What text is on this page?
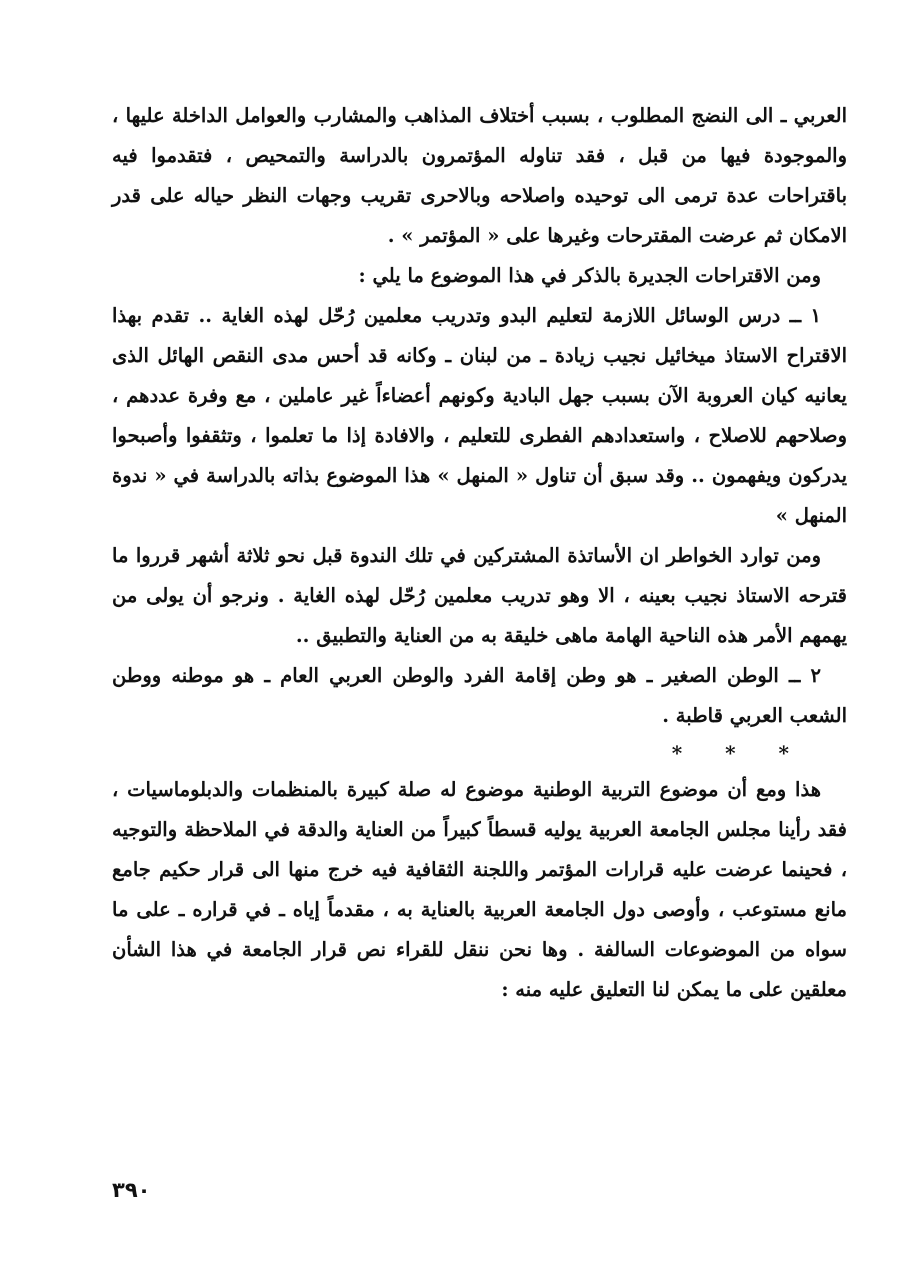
العربي ـ الى النضج المطلوب ، بسبب أختلاف المذاهب والمشارب والعوامل الداخلة عليها ، والموجودة فيها من قبل ، فقد تناوله المؤتمرون بالدراسة والتمحيص ، فتقدموا فيه باقتراحات عدة ترمى الى توحيده واصلاحه وبالاحرى تقريب وجهات النظر حياله على قدر الامكان ثم عرضت المقترحات وغيرها على « المؤتمر » .

ومن الاقتراحات الجديرة بالذكر في هذا الموضوع ما يلي :

١ ــ درس الوسائل اللازمة لتعليم البدو وتدريب معلمين رُحّل لهذه الغاية .. تقدم بهذا الاقتراح الاستاذ ميخائيل نجيب زيادة ـ من لبنان ـ وكانه قد أحس مدى النقص الهائل الذى يعانيه كيان العروبة الآن بسبب جهل البادية وكونهم أعضاءاً غير عاملين ، مع وفرة عددهم ، وصلاحهم للاصلاح ، واستعدادهم الفطرى للتعليم ، والافادة إذا ما تعلموا ، وتثقفوا وأصبحوا يدركون ويفهمون .. وقد سبق أن تناول « المنهل » هذا الموضوع بذاته بالدراسة في « ندوة المنهل »

ومن توارد الخواطر ان الأساتذة المشتركين في تلك الندوة قبل نحو ثلاثة أشهر قرروا ما قترحه الاستاذ نجيب بعينه ، الا وهو تدريب معلمين رُحّل لهذه الغاية . ونرجو أن يولى من يهمهم الأمر هذه الناحية الهامة ماهى خليقة به من العناية والتطبيق ..

٢ ــ الوطن الصغير ـ هو وطن إقامة الفرد والوطن العربي العام ـ هو موطنه ووطن الشعب العربي قاطبة .

* * *

هذا ومع أن موضوع التربية الوطنية موضوع له صلة كبيرة بالمنظمات والدبلوماسيات ، فقد رأينا مجلس الجامعة العربية يوليه قسطاً كبيراً من العناية والدقة في الملاحظة والتوجيه ، فحينما عرضت عليه قرارات المؤتمر واللجنة الثقافية فيه خرج منها الى قرار حكيم جامع مانع مستوعب ، وأوصى دول الجامعة العربية بالعناية به ، مقدماً إياه ـ في قراره ـ على ما سواه من الموضوعات السالفة . وها نحن ننقل للقراء نص قرار الجامعة في هذا الشأن معلقين على ما يمكن لنا التعليق عليه منه :

٣٩٠
